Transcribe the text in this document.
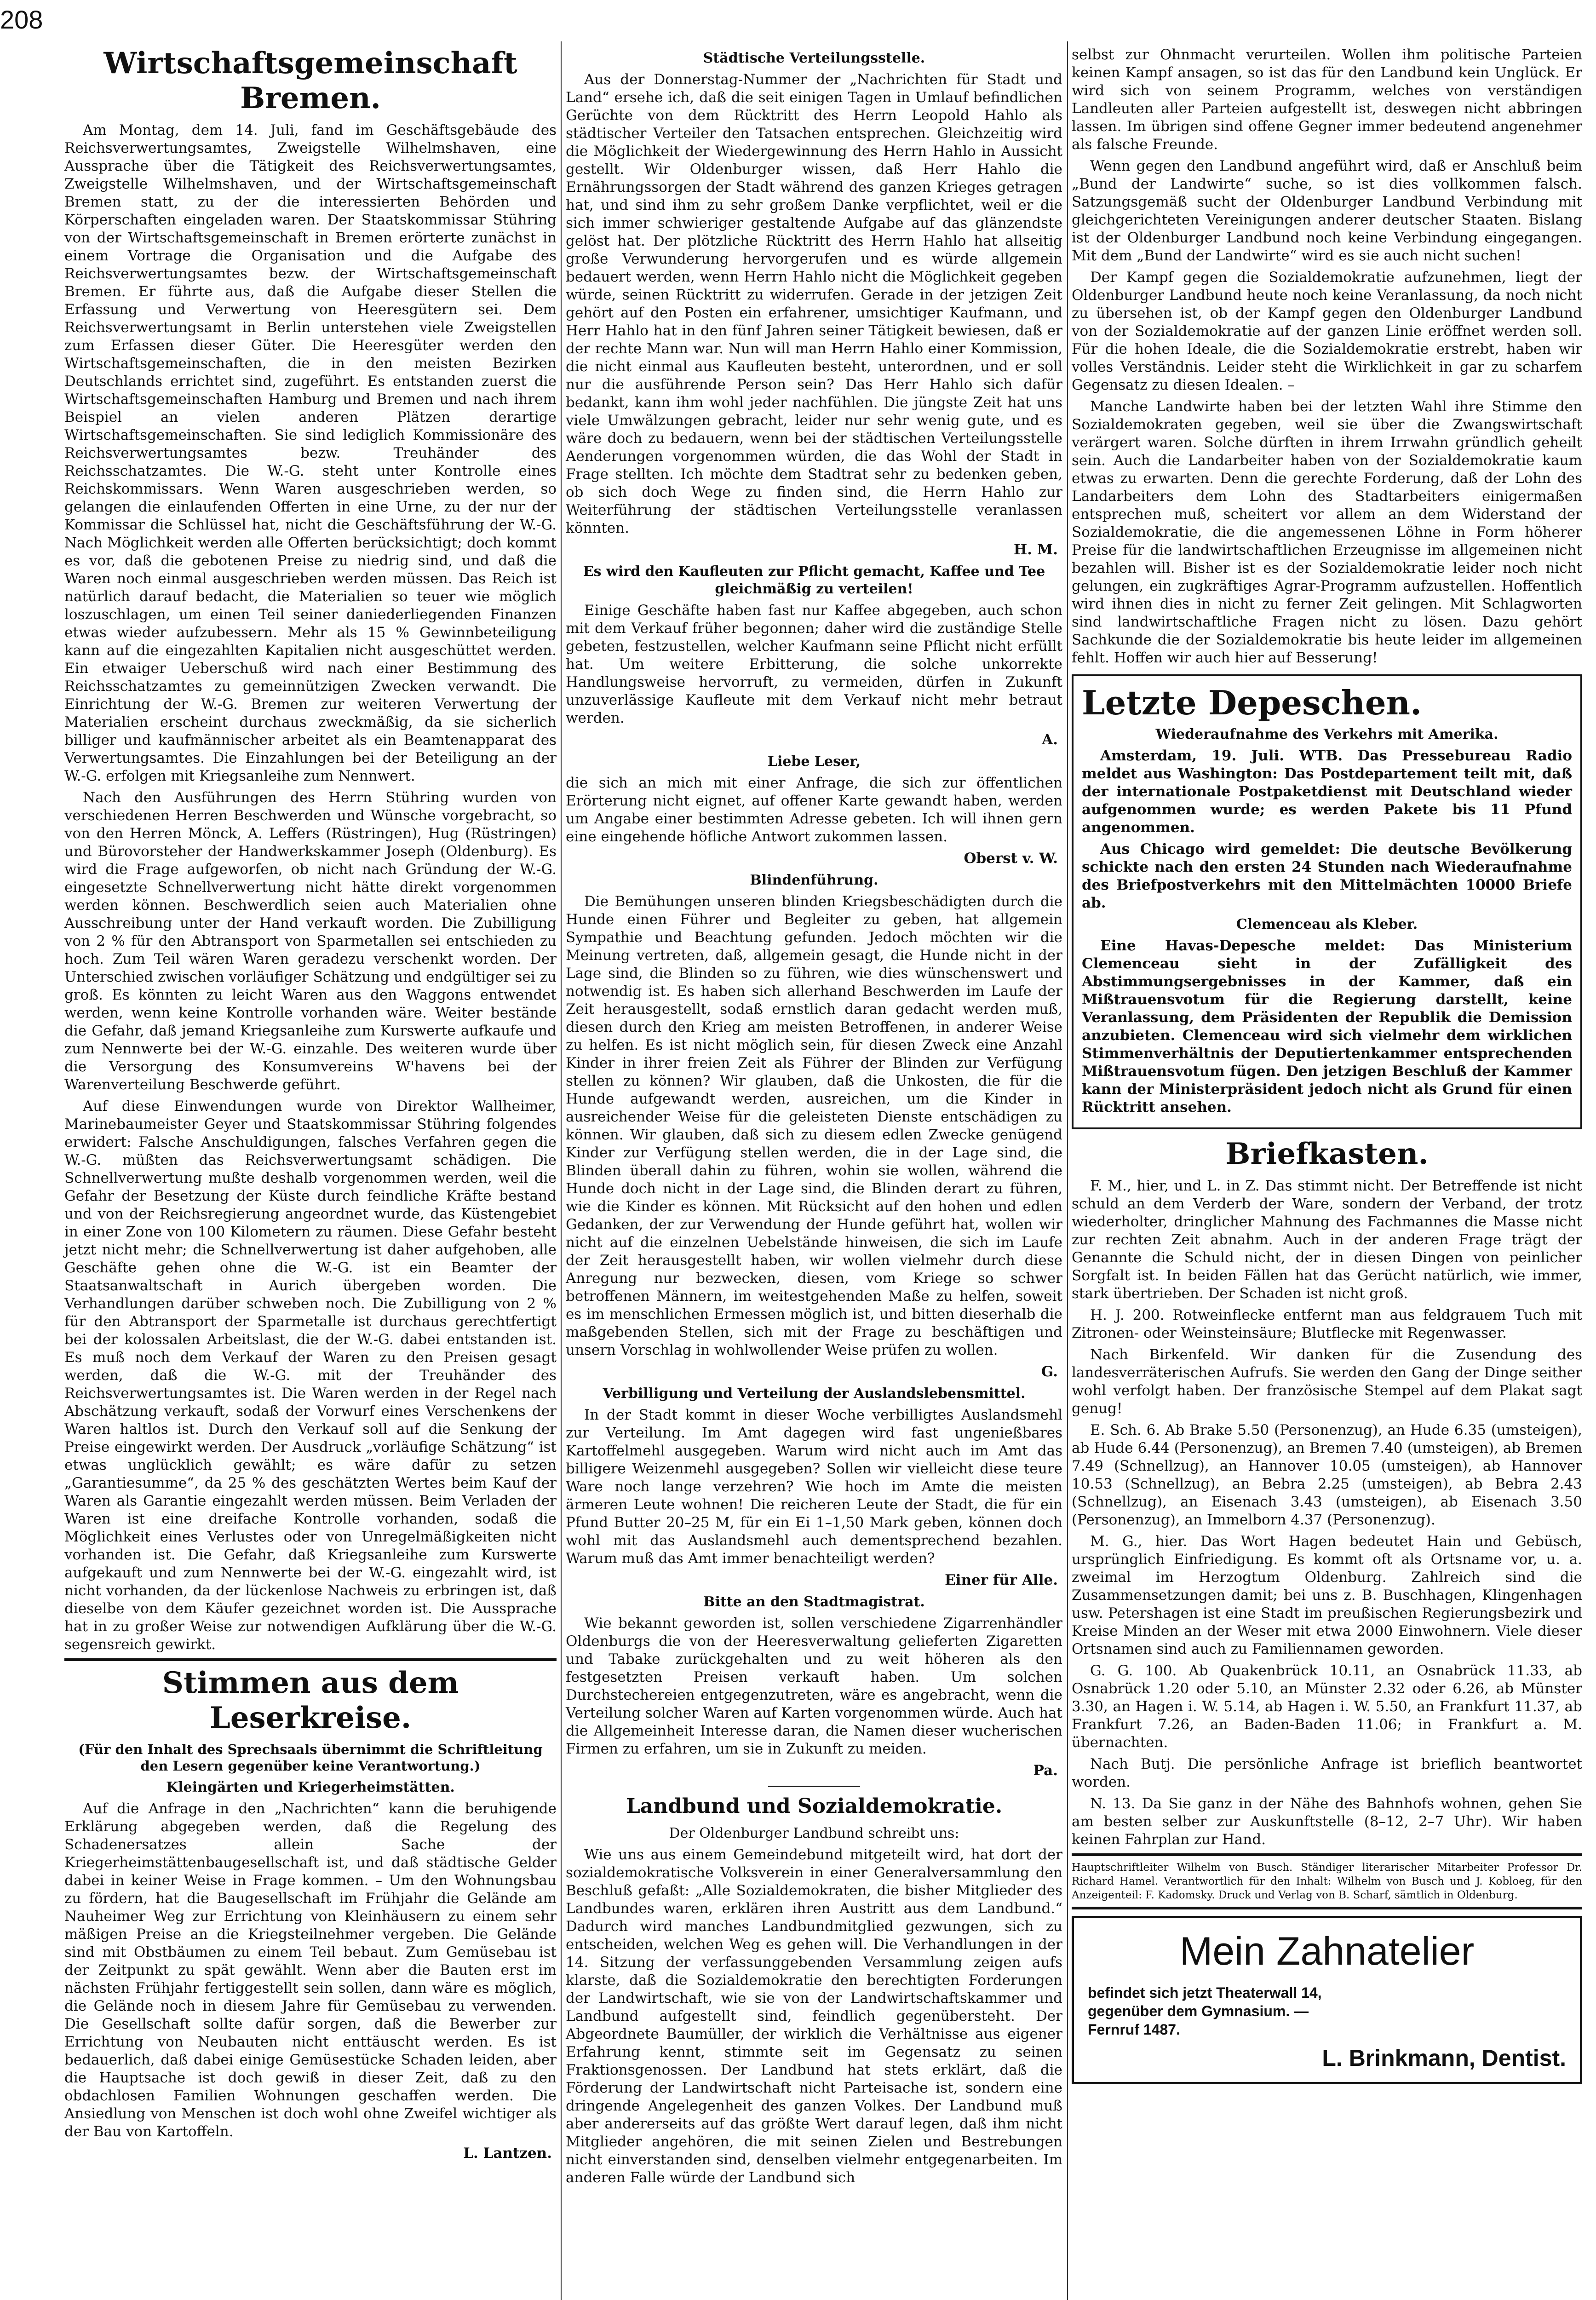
208
Wirtschaftsgemeinschaft Bremen.

Am Montag, dem 14. Juli, fand im Geschäftsgebäude des Reichsverwertungsamtes, Zweigstelle Wilhelmshaven, eine Aussprache über die Tätigkeit des Reichsverwertungsamtes, Zweigstelle Wilhelmshaven, und der Wirtschaftsgemeinschaft Bremen statt, zu der die interessierten Behörden und Körperschaften eingeladen waren. Der Staatskommissar Stühring von der Wirtschaftsgemeinschaft in Bremen erörterte zunächst in einem Vortrage die Organisation und die Aufgabe des Reichsverwertungsamtes bezw. der Wirtschaftsgemeinschaft Bremen. Er führte aus, daß die Aufgabe dieser Stellen die Erfassung und Verwertung von Heeresgütern sei. Dem Reichsverwertungsamt in Berlin unterstehen viele Zweigstellen zum Erfassen dieser Güter. Die Heeresgüter werden den Wirtschaftsgemeinschaften, die in den meisten Bezirken Deutschlands errichtet sind, zugeführt. Es entstanden zuerst die Wirtschaftsgemeinschaften Hamburg und Bremen und nach ihrem Beispiel an vielen anderen Plätzen derartige Wirtschaftsgemeinschaften. Sie sind lediglich Kommissionäre des Reichsverwertungsamtes bezw. Treuhänder des Reichsschatzamtes. Die W.-G. steht unter Kontrolle eines Reichskommissars. Wenn Waren ausgeschrieben werden, so gelangen die einlaufenden Offerten in eine Urne, zu der nur der Kommissar die Schlüssel hat, nicht die Geschäftsführung der W.-G. Nach Möglichkeit werden alle Offerten berücksichtigt; doch kommt es vor, daß die gebotenen Preise zu niedrig sind, und daß die Waren noch einmal ausgeschrieben werden müssen. Das Reich ist natürlich darauf bedacht, die Materialien so teuer wie möglich loszuschlagen, um einen Teil seiner daniederliegenden Finanzen etwas wieder aufzubessern. Mehr als 15 % Gewinnbeteiligung kann auf die eingezahlten Kapitalien nicht ausgeschüttet werden. Ein etwaiger Ueberschuß wird nach einer Bestimmung des Reichsschatzamtes zu gemeinnützigen Zwecken verwandt. Die Einrichtung der W.-G. Bremen zur weiteren Verwertung der Materialien erscheint durchaus zweckmäßig, da sie sicherlich billiger und kaufmännischer arbeitet als ein Beamtenapparat des Verwertungsamtes. Die Einzahlungen bei der Beteiligung an der W.-G. erfolgen mit Kriegsanleihe zum Nennwert.

Nach den Ausführungen des Herrn Stühring wurden von verschiedenen Herren Beschwerden und Wünsche vorgebracht, so von den Herren Mönck, A. Leffers (Rüstringen), Hug (Rüstringen) und Bürovorsteher der Handwerkskammer Joseph (Oldenburg). Es wird die Frage aufgeworfen, ob nicht nach Gründung der W.-G. eingesetzte Schnellverwertung nicht hätte direkt vorgenommen werden können. Beschwerdlich seien auch Materialien ohne Ausschreibung unter der Hand verkauft worden. Die Zubilligung von 2 % für den Abtransport von Sparmetallen sei entschieden zu hoch. Zum Teil wären Waren geradezu verschenkt worden. Der Unterschied zwischen vorläufiger Schätzung und endgültiger sei zu groß. Es könnten zu leicht Waren aus den Waggons entwendet werden, wenn keine Kontrolle vorhanden wäre. Weiter bestände die Gefahr, daß jemand Kriegsanleihe zum Kurswerte aufkaufe und zum Nennwerte bei der W.-G. einzahle. Des weiteren wurde über die Versorgung des Konsumvereins W'havens bei der Warenverteilung Beschwerde geführt.

Auf diese Einwendungen wurde von Direktor Wallheimer, Marinebaumeister Geyer und Staatskommissar Stühring folgendes erwidert: Falsche Anschuldigungen, falsches Verfahren gegen die W.-G. müßten das Reichsverwertungsamt schädigen. Die Schnellverwertung mußte deshalb vorgenommen werden, weil die Gefahr der Besetzung der Küste durch feindliche Kräfte bestand und von der Reichsregierung angeordnet wurde, das Küstengebiet in einer Zone von 100 Kilometern zu räumen. Diese Gefahr besteht jetzt nicht mehr; die Schnellverwertung ist daher aufgehoben, alle Geschäfte gehen ohne die W.-G. ist ein Beamter der Staatsanwaltschaft in Aurich übergeben worden. Die Verhandlungen darüber schweben noch. Die Zubilligung von 2 % für den Abtransport der Sparmetalle ist durchaus gerechtfertigt bei der kolossalen Arbeitslast, die der W.-G. dabei entstanden ist. Es muß noch dem Verkauf der Waren zu den Preisen gesagt werden, daß die W.-G. mit der Treuhänder des Reichsverwertungsamtes ist. Die Waren werden in der Regel nach Abschätzung verkauft, sodaß der Vorwurf eines Verschenkens der Waren haltlos ist. Durch den Verkauf soll auf die Senkung der Preise eingewirkt werden. Der Ausdruck „vorläufige Schätzung“ ist etwas unglücklich gewählt; es wäre dafür zu setzen „Garantiesumme“, da 25 % des geschätzten Wertes beim Kauf der Waren als Garantie eingezahlt werden müssen. Beim Verladen der Waren ist eine dreifache Kontrolle vorhanden, sodaß die Möglichkeit eines Verlustes oder von Unregelmäßigkeiten nicht vorhanden ist. Die Gefahr, daß Kriegsanleihe zum Kurswerte aufgekauft und zum Nennwerte bei der W.-G. eingezahlt wird, ist nicht vorhanden, da der lückenlose Nachweis zu erbringen ist, daß dieselbe von dem Käufer gezeichnet worden ist. Die Aussprache hat in zu großer Weise zur notwendigen Aufklärung über die W.-G. segensreich gewirkt.

Stimmen aus dem Leserkreise.
(Für den Inhalt des Sprechsaals übernimmt die Schriftleitung den Lesern gegenüber keine Verantwortung.)
Kleingärten und Kriegerheimstätten.

Auf die Anfrage in den „Nachrichten“ kann die beruhigende Erklärung abgegeben werden, daß die Regelung des Schadenersatzes allein Sache der Kriegerheimstättenbaugesellschaft ist, und daß städtische Gelder dabei in keiner Weise in Frage kommen. – Um den Wohnungsbau zu fördern, hat die Baugesellschaft im Frühjahr die Gelände am Nauheimer Weg zur Errichtung von Kleinhäusern zu einem sehr mäßigen Preise an die Kriegsteilnehmer vergeben. Die Gelände sind mit Obstbäumen zu einem Teil bebaut. Zum Gemüsebau ist der Zeitpunkt zu spät gewählt. Wenn aber die Bauten erst im nächsten Frühjahr fertiggestellt sein sollen, dann wäre es möglich, die Gelände noch in diesem Jahre für Gemüsebau zu verwenden. Die Gesellschaft sollte dafür sorgen, daß die Bewerber zur Errichtung von Neubauten nicht enttäuscht werden. Es ist bedauerlich, daß dabei einige Gemüsestücke Schaden leiden, aber die Hauptsache ist doch gewiß in dieser Zeit, daß zu den obdachlosen Familien Wohnungen geschaffen werden. Die Ansiedlung von Menschen ist doch wohl ohne Zweifel wichtiger als der Bau von Kartoffeln.

L. Lantzen.
Städtische Verteilungsstelle.

Aus der Donnerstag-Nummer der „Nachrichten für Stadt und Land“ ersehe ich, daß die seit einigen Tagen in Umlauf befindlichen Gerüchte von dem Rücktritt des Herrn Leopold Hahlo als städtischer Verteiler den Tatsachen entsprechen. Gleichzeitig wird die Möglichkeit der Wiedergewinnung des Herrn Hahlo in Aussicht gestellt. Wir Oldenburger wissen, daß Herr Hahlo die Ernährungssorgen der Stadt während des ganzen Krieges getragen hat, und sind ihm zu sehr großem Danke verpflichtet, weil er die sich immer schwieriger gestaltende Aufgabe auf das glänzendste gelöst hat. Der plötzliche Rücktritt des Herrn Hahlo hat allseitig große Verwunderung hervorgerufen und es würde allgemein bedauert werden, wenn Herrn Hahlo nicht die Möglichkeit gegeben würde, seinen Rücktritt zu widerrufen. Gerade in der jetzigen Zeit gehört auf den Posten ein erfahrener, umsichtiger Kaufmann, und Herr Hahlo hat in den fünf Jahren seiner Tätigkeit bewiesen, daß er der rechte Mann war. Nun will man Herrn Hahlo einer Kommission, die nicht einmal aus Kaufleuten besteht, unterordnen, und er soll nur die ausführende Person sein? Das Herr Hahlo sich dafür bedankt, kann ihm wohl jeder nachfühlen. Die jüngste Zeit hat uns viele Umwälzungen gebracht, leider nur sehr wenig gute, und es wäre doch zu bedauern, wenn bei der städtischen Verteilungsstelle Aenderungen vorgenommen würden, die das Wohl der Stadt in Frage stellten. Ich möchte dem Stadtrat sehr zu bedenken geben, ob sich doch Wege zu finden sind, die Herrn Hahlo zur Weiterführung der städtischen Verteilungsstelle veranlassen könnten.

H. M.
Es wird den Kaufleuten zur Pflicht gemacht, Kaffee und Tee gleichmäßig zu verteilen!

Einige Geschäfte haben fast nur Kaffee abgegeben, auch schon mit dem Verkauf früher begonnen; daher wird die zuständige Stelle gebeten, festzustellen, welcher Kaufmann seine Pflicht nicht erfüllt hat. Um weitere Erbitterung, die solche unkorrekte Handlungsweise hervorruft, zu vermeiden, dürfen in Zukunft unzuverlässige Kaufleute mit dem Verkauf nicht mehr betraut werden.

A.
Liebe Leser,

die sich an mich mit einer Anfrage, die sich zur öffentlichen Erörterung nicht eignet, auf offener Karte gewandt haben, werden um Angabe einer bestimmten Adresse gebeten. Ich will ihnen gern eine eingehende höfliche Antwort zukommen lassen.

Oberst v. W.
Blindenführung.

Die Bemühungen unseren blinden Kriegsbeschädigten durch die Hunde einen Führer und Begleiter zu geben, hat allgemein Sympathie und Beachtung gefunden. Jedoch möchten wir die Meinung vertreten, daß, allgemein gesagt, die Hunde nicht in der Lage sind, die Blinden so zu führen, wie dies wünschenswert und notwendig ist. Es haben sich allerhand Beschwerden im Laufe der Zeit herausgestellt, sodaß ernstlich daran gedacht werden muß, diesen durch den Krieg am meisten Betroffenen, in anderer Weise zu helfen. Es ist nicht möglich sein, für diesen Zweck eine Anzahl Kinder in ihrer freien Zeit als Führer der Blinden zur Verfügung stellen zu können? Wir glauben, daß die Unkosten, die für die Hunde aufgewandt werden, ausreichen, um die Kinder in ausreichender Weise für die geleisteten Dienste entschädigen zu können. Wir glauben, daß sich zu diesem edlen Zwecke genügend Kinder zur Verfügung stellen werden, die in der Lage sind, die Blinden überall dahin zu führen, wohin sie wollen, während die Hunde doch nicht in der Lage sind, die Blinden derart zu führen, wie die Kinder es können. Mit Rücksicht auf den hohen und edlen Gedanken, der zur Verwendung der Hunde geführt hat, wollen wir nicht auf die einzelnen Uebelstände hinweisen, die sich im Laufe der Zeit herausgestellt haben, wir wollen vielmehr durch diese Anregung nur bezwecken, diesen, vom Kriege so schwer betroffenen Männern, im weitestgehenden Maße zu helfen, soweit es im menschlichen Ermessen möglich ist, und bitten dieserhalb die maßgebenden Stellen, sich mit der Frage zu beschäftigen und unsern Vorschlag in wohlwollender Weise prüfen zu wollen.

G.
Verbilligung und Verteilung der Auslandslebensmittel.

In der Stadt kommt in dieser Woche verbilligtes Auslandsmehl zur Verteilung. Im Amt dagegen wird fast ungenießbares Kartoffelmehl ausgegeben. Warum wird nicht auch im Amt das billigere Weizenmehl ausgegeben? Sollen wir vielleicht diese teure Ware noch lange verzehren? Wie hoch im Amte die meisten ärmeren Leute wohnen! Die reicheren Leute der Stadt, die für ein Pfund Butter 20–25 M, für ein Ei 1–1,50 Mark geben, können doch wohl mit das Auslandsmehl auch dementsprechend bezahlen. Warum muß das Amt immer benachteiligt werden?

Einer für Alle.
Bitte an den Stadtmagistrat.

Wie bekannt geworden ist, sollen verschiedene Zigarrenhändler Oldenburgs die von der Heeresverwaltung gelieferten Zigaretten und Tabake zurückgehalten und zu weit höheren als den festgesetzten Preisen verkauft haben. Um solchen Durchstechereien entgegenzutreten, wäre es angebracht, wenn die Verteilung solcher Waren auf Karten vorgenommen würde. Auch hat die Allgemeinheit Interesse daran, die Namen dieser wucherischen Firmen zu erfahren, um sie in Zukunft zu meiden.

Pa.
Landbund und Sozialdemokratie.
Der Oldenburger Landbund schreibt uns:

Wie uns aus einem Gemeindebund mitgeteilt wird, hat dort der sozialdemokratische Volksverein in einer Generalversammlung den Beschluß gefaßt: „Alle Sozialdemokraten, die bisher Mitglieder des Landbundes waren, erklären ihren Austritt aus dem Landbund.“ Dadurch wird manches Landbundmitglied gezwungen, sich zu entscheiden, welchen Weg es gehen will. Die Verhandlungen in der 14. Sitzung der verfassunggebenden Versammlung zeigen aufs klarste, daß die Sozialdemokratie den berechtigten Forderungen der Landwirtschaft, wie sie von der Landwirtschaftskammer und Landbund aufgestellt sind, feindlich gegenübersteht. Der Abgeordnete Baumüller, der wirklich die Verhältnisse aus eigener Erfahrung kennt, stimmte seit im Gegensatz zu seinen Fraktionsgenossen. Der Landbund hat stets erklärt, daß die Förderung der Landwirtschaft nicht Parteisache ist, sondern eine dringende Angelegenheit des ganzen Volkes. Der Landbund muß aber andererseits auf das größte Wert darauf legen, daß ihm nicht Mitglieder angehören, die mit seinen Zielen und Bestrebungen nicht einverstanden sind, denselben vielmehr entgegenarbeiten. Im anderen Falle würde der Landbund sich

selbst zur Ohnmacht verurteilen. Wollen ihm politische Parteien keinen Kampf ansagen, so ist das für den Landbund kein Unglück. Er wird sich von seinem Programm, welches von verständigen Landleuten aller Parteien aufgestellt ist, deswegen nicht abbringen lassen. Im übrigen sind offene Gegner immer bedeutend angenehmer als falsche Freunde.

Wenn gegen den Landbund angeführt wird, daß er Anschluß beim „Bund der Landwirte“ suche, so ist dies vollkommen falsch. Satzungsgemäß sucht der Oldenburger Landbund Verbindung mit gleichgerichteten Vereinigungen anderer deutscher Staaten. Bislang ist der Oldenburger Landbund noch keine Verbindung eingegangen. Mit dem „Bund der Landwirte“ wird es sie auch nicht suchen!

Der Kampf gegen die Sozialdemokratie aufzunehmen, liegt der Oldenburger Landbund heute noch keine Veranlassung, da noch nicht zu übersehen ist, ob der Kampf gegen den Oldenburger Landbund von der Sozialdemokratie auf der ganzen Linie eröffnet werden soll. Für die hohen Ideale, die die Sozialdemokratie erstrebt, haben wir volles Verständnis. Leider steht die Wirklichkeit in gar zu scharfem Gegensatz zu diesen Idealen. –

Manche Landwirte haben bei der letzten Wahl ihre Stimme den Sozialdemokraten gegeben, weil sie über die Zwangswirtschaft verärgert waren. Solche dürften in ihrem Irrwahn gründlich geheilt sein. Auch die Landarbeiter haben von der Sozialdemokratie kaum etwas zu erwarten. Denn die gerechte Forderung, daß der Lohn des Landarbeiters dem Lohn des Stadtarbeiters einigermaßen entsprechen muß, scheitert vor allem an dem Widerstand der Sozialdemokratie, die die angemessenen Löhne in Form höherer Preise für die landwirtschaftlichen Erzeugnisse im allgemeinen nicht bezahlen will. Bisher ist es der Sozialdemokratie leider noch nicht gelungen, ein zugkräftiges Agrar-Programm aufzustellen. Hoffentlich wird ihnen dies in nicht zu ferner Zeit gelingen. Mit Schlagworten sind landwirtschaftliche Fragen nicht zu lösen. Dazu gehört Sachkunde die der Sozialdemokratie bis heute leider im allgemeinen fehlt. Hoffen wir auch hier auf Besserung!

Letzte Depeschen.
Wiederaufnahme des Verkehrs mit Amerika.

Amsterdam, 19. Juli. WTB. Das Pressebureau Radio meldet aus Washington: Das Postdepartement teilt mit, daß der internationale Postpaketdienst mit Deutschland wieder aufgenommen wurde; es werden Pakete bis 11 Pfund angenommen.

Aus Chicago wird gemeldet: Die deutsche Bevölkerung schickte nach den ersten 24 Stunden nach Wiederaufnahme des Briefpostverkehrs mit den Mittelmächten 10000 Briefe ab.

Clemenceau als Kleber.

Eine Havas-Depesche meldet: Das Ministerium Clemenceau sieht in der Zufälligkeit des Abstimmungsergebnisses in der Kammer, daß ein Mißtrauensvotum für die Regierung darstellt, keine Veranlassung, dem Präsidenten der Republik die Demission anzubieten. Clemenceau wird sich vielmehr dem wirklichen Stimmenverhältnis der Deputiertenkammer entsprechenden Mißtrauensvotum fügen. Den jetzigen Beschluß der Kammer kann der Ministerpräsident jedoch nicht als Grund für einen Rücktritt ansehen.

Briefkasten.

F. M., hier, und L. in Z. Das stimmt nicht. Der Betreffende ist nicht schuld an dem Verderb der Ware, sondern der Verband, der trotz wiederholter, dringlicher Mahnung des Fachmannes die Masse nicht zur rechten Zeit abnahm. Auch in der anderen Frage trägt der Genannte die Schuld nicht, der in diesen Dingen von peinlicher Sorgfalt ist. In beiden Fällen hat das Gerücht natürlich, wie immer, stark übertrieben. Der Schaden ist nicht groß.

H. J. 200. Rotweinflecke entfernt man aus feldgrauem Tuch mit Zitronen- oder Weinsteinsäure; Blutflecke mit Regenwasser.

Nach Birkenfeld. Wir danken für die Zusendung des landesverräterischen Aufrufs. Sie werden den Gang der Dinge seither wohl verfolgt haben. Der französische Stempel auf dem Plakat sagt genug!

E. Sch. 6. Ab Brake 5.50 (Personenzug), an Hude 6.35 (umsteigen), ab Hude 6.44 (Personenzug), an Bremen 7.40 (umsteigen), ab Bremen 7.49 (Schnellzug), an Hannover 10.05 (umsteigen), ab Hannover 10.53 (Schnellzug), an Bebra 2.25 (umsteigen), ab Bebra 2.43 (Schnellzug), an Eisenach 3.43 (umsteigen), ab Eisenach 3.50 (Personenzug), an Immelborn 4.37 (Personenzug).

M. G., hier. Das Wort Hagen bedeutet Hain und Gebüsch, ursprünglich Einfriedigung. Es kommt oft als Ortsname vor, u. a. zweimal im Herzogtum Oldenburg. Zahlreich sind die Zusammensetzungen damit; bei uns z. B. Buschhagen, Klingenhagen usw. Petershagen ist eine Stadt im preußischen Regierungsbezirk und Kreise Minden an der Weser mit etwa 2000 Einwohnern. Viele dieser Ortsnamen sind auch zu Familiennamen geworden.

G. G. 100. Ab Quakenbrück 10.11, an Osnabrück 11.33, ab Osnabrück 1.20 oder 5.10, an Münster 2.32 oder 6.26, ab Münster 3.30, an Hagen i. W. 5.14, ab Hagen i. W. 5.50, an Frankfurt 11.37, ab Frankfurt 7.26, an Baden-Baden 11.06; in Frankfurt a. M. übernachten.

Nach Butj. Die persönliche Anfrage ist brieflich beantwortet worden.

N. 13. Da Sie ganz in der Nähe des Bahnhofs wohnen, gehen Sie am besten selber zur Auskunftstelle (8–12, 2–7 Uhr). Wir haben keinen Fahrplan zur Hand.

Hauptschriftleiter Wilhelm von Busch. Ständiger literarischer Mitarbeiter Professor Dr. Richard Hamel. Verantwortlich für den Inhalt: Wilhelm von Busch und J. Kobloeg, für den Anzeigenteil: F. Kadomsky. Druck und Verlag von B. Scharf, sämtlich in Oldenburg.
Mein Zahnatelier
befindet sich jetzt Theaterwall 14,
gegenüber dem Gymnasium. —
Fernruf 1487.
L. Brinkmann, Dentist.
